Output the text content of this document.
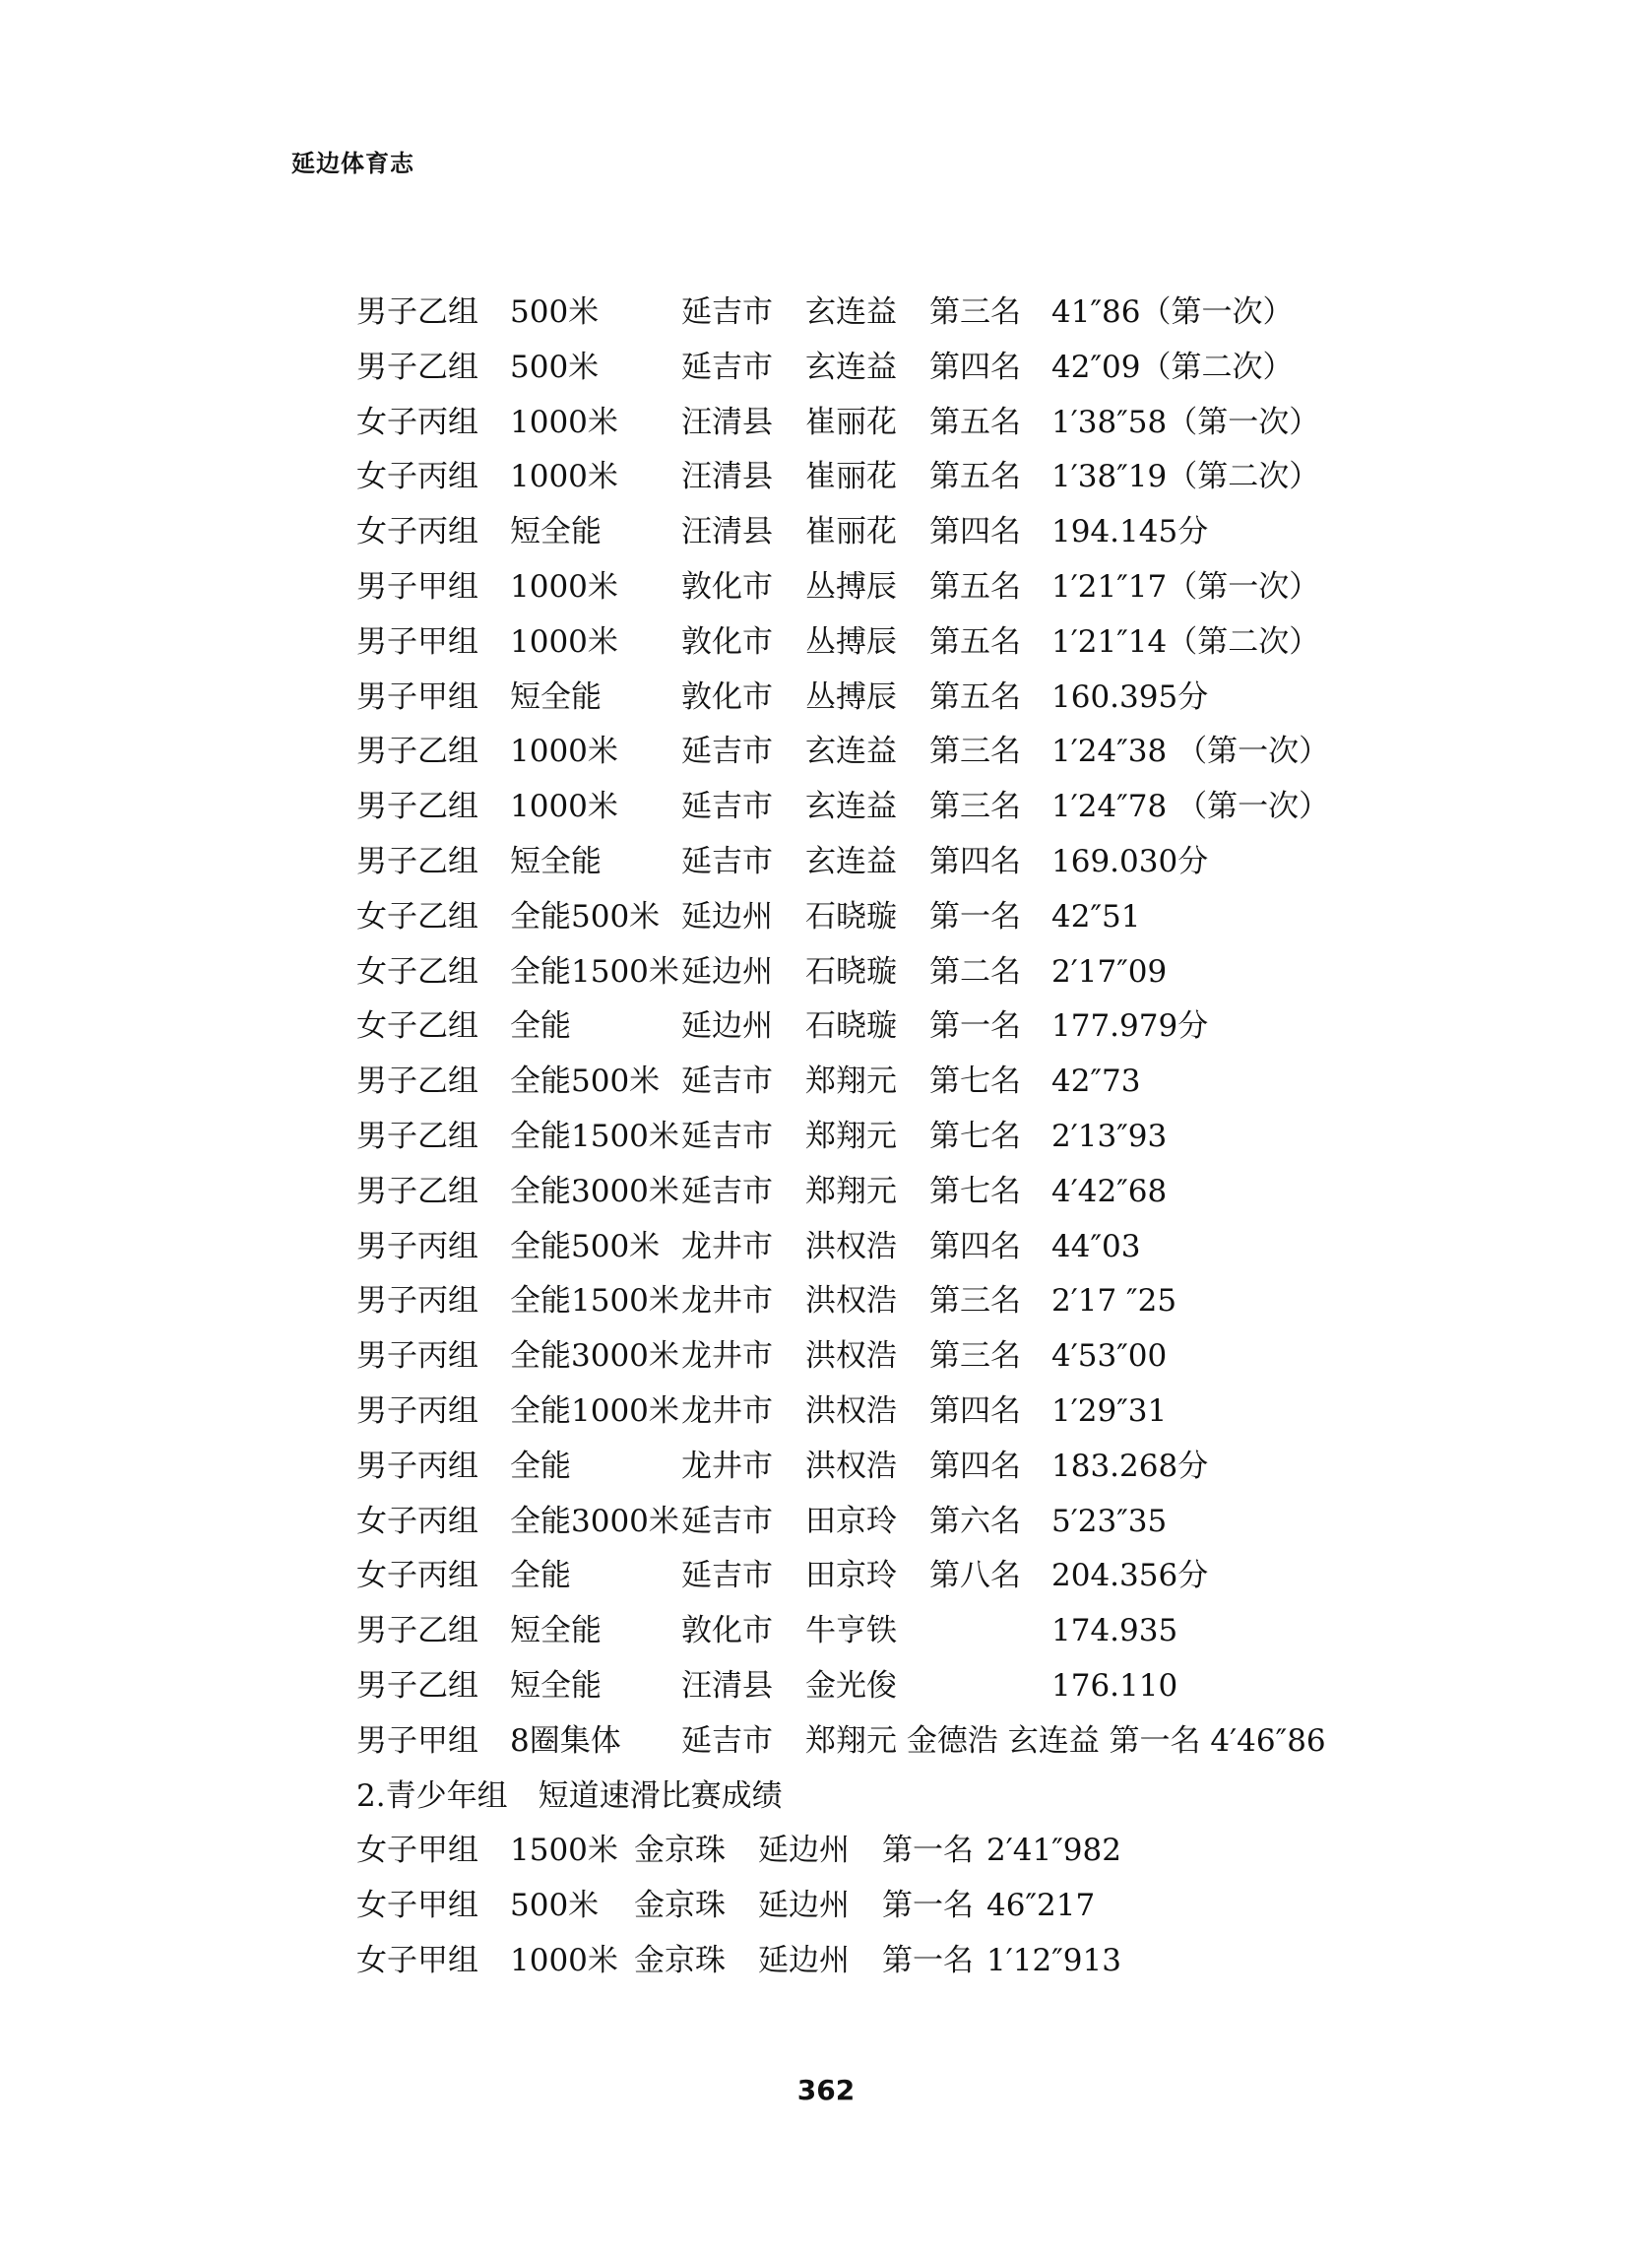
延边体育志
男子乙组 500米	延吉市 玄连益 第三名 41″86（第一次）
男子乙组 500米	延吉市 玄连益 第四名 42″09（第二次）
女子丙组 1000米 汪清县 崔丽花 第五名 1′38″58（第一次）
女子丙组 1000米 汪清县 崔丽花 第五名 1′38″19（第二次）
女子丙组 短全能	汪清县 崔丽花 第四名 194.145分
男子甲组 1000米 敦化市 丛搏辰 第五名 1′21″17（第一次）
男子甲组 1000米 敦化市 丛搏辰 第五名 1′21″14（第二次）
男子甲组 短全能	敦化市 丛搏辰 第五名 160.395分
男子乙组 1000米 延吉市 玄连益 第三名 1′24″38 （第一次）
男子乙组 1000米 延吉市 玄连益 第三名 1′24″78 （第一次）
男子乙组 短全能	延吉市 玄连益 第四名 169.030分
女子乙组 全能500米 延边州 石晓璇 第一名 42″51
女子乙组 全能1500米 延边州 石晓璇 第二名 2′17″09
女子乙组 全能	延边州 石晓璇 第一名 177.979分
男子乙组 全能500米 延吉市 郑翔元 第七名 42″73
男子乙组 全能1500米 延吉市 郑翔元 第七名 2′13″93
男子乙组 全能3000米 延吉市 郑翔元 第七名 4′42″68
男子丙组 全能500米 龙井市 洪权浩 第四名 44″03
男子丙组 全能1500米 龙井市 洪权浩 第三名 2′17 ″25
男子丙组 全能3000米 龙井市 洪权浩 第三名 4′53″00
男子丙组 全能1000米 龙井市 洪权浩 第四名 1′29″31
男子丙组 全能	龙井市 洪权浩 第四名 183.268分
女子丙组 全能3000米 延吉市 田京玲 第六名 5′23″35
女子丙组 全能	延吉市 田京玲 第八名 204.356分
男子乙组 短全能	敦化市 牛亨铁	174.935
男子乙组 短全能	汪清县 金光俊	176.110
男子甲组 8圈集体 延吉市 郑翔元 金德浩 玄连益 第一名 4′46″86
2.青少年组　短道速滑比赛成绩
女子甲组 1500米 金京珠 延边州 第一名 2′41″982
女子甲组 500米 金京珠 延边州 第一名 46″217
女子甲组 1000米 金京珠 延边州 第一名 1′12″913
362
